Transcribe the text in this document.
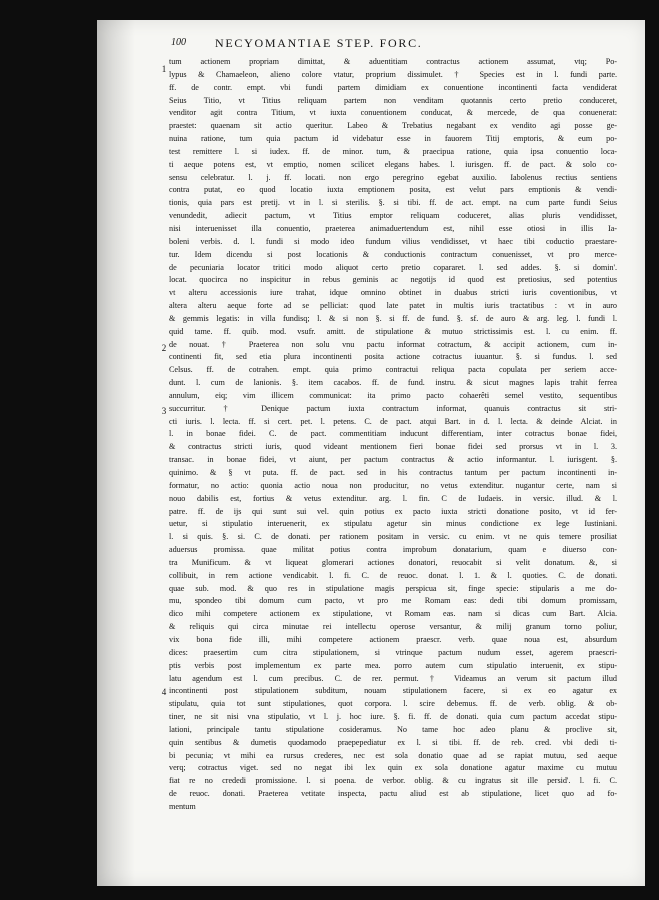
100 NECYOMANTIAE STEP. FORC.
1
2
3
4
tum actionem propriam dimittat, & aduentitiam contractus actionem assumat, vtq; Po-
lypus & Chamaeleon, alieno colore vtatur, proprium dissimulet. † Species est in l. fundi parte.
ff. de contr. empt. vbi fundi partem dimidiam ex conuentione incontinenti facta vendiderat
Seius Titio, vt Titius reliquam partem non venditam quotannis certo pretio conduceret,
venditor agit contra Titium, vt iuxta conuentionem conducat, & mercede, de qua conuenerat:
praestet: quaenam sit actio queritur. Labeo & Trebatius negabant ex vendito agi posse ge-
nuina ratione, tum quia pactum id videbatur esse in fauorem Titij emptoris, & eum po-
test remittere l. si iudex. ff. de minor. tum, & praecipua ratione, quia ipsa conuentio loca-
ti aeque potens est, vt emptio, nomen scilicet elegans habes. l. iurisgen. ff. de pact. & solo co-
sensu celebratur. l. j. ff. locati. non ergo peregrino egebat auxilio. Iabolenus rectius sentiens
contra putat, eo quod locatio iuxta emptionem posita, est velut pars emptionis & vendi-
tionis, quia pars est pretij. vt in l. si sterilis. §. si tibi. ff. de act. empt. na cum parte fundi Seius
venundedit, adiecit pactum, vt Titius emptor reliquam coduceret, alias pluris vendidisset,
nisi interuenisset illa conuentio, praeterea animaduertendum est, nihil esse otiosi in illis Ia-
boleni verbis. d. l. fundi si modo ideo fundum vilius vendidisset, vt haec tibi coductio praestare-
tur. Idem dicendu si post locationis & conductionis contractum conuenisset, vt pro merce-
de pecuniaria locator tritici modo aliquot certo pretio copararet. l. sed addes. §. si domin'.
locat. quocirca no inspicitur in rebus geminis ac negotijs id quod est pretiosius, sed potentius
vt alteru accessionis iure trahat, idque omnino obtinet in duabus stricti iuris coventionibus, vt
altera alteru aeque forte ad se pelliciat: quod late patet in multis iuris tractatibus : vt in auro
& gemmis legatis: in villa fundisq; l. & si non §. si ff. de fund. §. sf. de auro & arg. leg. l. fundi l.
quid tame. ff. quib. mod. vsufr. amitt. de stipulatione & mutuo strictissimis est. l. cu enim. ff.
de nouat. † Praeterea non solu vnu pactu informat cotractum, & accipit actionem, cum in-
continenti fit, sed etia plura incontinenti posita actione cotractus iuuantur. §. si fundus. l. sed
Celsus. ff. de cotrahen. empt. quia primo contractui reliqua pacta copulata per seriem acce-
dunt. l. cum de lanionis. §. item cacabos. ff. de fund. instru. & sicut magnes lapis trahit ferrea
annulum, eiq; vim illicem communicat: ita primo pacto cohaerêti semel vestito, sequentibus
succurritur. † Denique pactum iuxta contractum informat, quanuis contractus sit stri-
cti iuris. l. lecta. ff. si cert. pet. l. petens. C. de pact. atqui Bart. in d. l. lecta. & deinde Alciat. in
l. in bonae fidei. C. de pact. commentitiam inducunt differentiam, inter cotractus bonae fidei,
& contractus stricti iuris, quod videant mentionem fieri bonae fidei sed prorsus vt in l. 3.
transac. in bonae fidei, vt aiunt, per pactum contractus & actio informantur. l. iurisgent. §.
quinimo. & § vt puta. ff. de pact. sed in his contractus tantum per pactum incontinenti in-
formatur, no actio: quonia actio noua non producitur, no vetus extenditur. nugantur certe, nam si
nouo dabilis est, fortius & vetus extenditur. arg. l. fin. C de Iudaeis. in versic. illud. & l.
patre. ff. de ijs qui sunt sui vel. quin potius ex pacto iuxta stricti donatione posito, vt id fer-
uetur, si stipulatio interuenerit, ex stipulatu agetur sin minus condictione ex lege Iustiniani.
l. si quis. §. si. C. de donati. per rationem positam in versic. cu enim. vt ne quis temere prosiliat
aduersus promissa. quae militat potius contra improbum donatarium, quam e diuerso con-
tra Munificum. & vt liqueat glomerari actiones donatori, reuocabit si velit donatum. &, si
collibuit, in rem actione vendicabit. l. fi. C. de reuoc. donat. l. 1. & l. quoties. C. de donati.
quae sub. mod. & quo res in stipulatione magis perspicua sit, finge specie: stipularis a me do-
mu, spondeo tibi domum cum pacto, vt pro me Romam eas: dedi tibi domum promissam,
dico mihi competere actionem ex stipulatione, vt Romam eas. nam si dicas cum Bart. Alcia.
& reliquis qui circa minutae rei intellectu operose versantur, & milij granum torno poliur,
vix bona fide illi, mihi competere actionem praescr. verb. quae noua est, absurdum
dices: praesertim cum citra stipulationem, si vtrinque pactum nudum esset, agerem praescri-
ptis verbis post implementum ex parte mea. porro autem cum stipulatio interuenit, ex stipu-
latu agendum est l. cum precibus. C. de rer. permut. † Videamus an verum sit pactum illud
incontinenti post stipulationem subditum, nouam stipulationem facere, si ex eo agatur ex
stipulatu, quia tot sunt stipulationes, quot corpora. l. scire debemus. ff. de verb. oblig. & ob-
tiner, ne sit nisi vna stipulatio, vt l. j. hoc iure. §. fi. ff. de donati. quia cum pactum accedat stipu-
lationi, principale tantu stipulatione cosideramus. No tame hoc adeo planu & proclive sit,
quin sentibus & dumetis quodamodo praepepediatur ex l. si tibi. ff. de reb. cred. vbi dedi ti-
bi pecunia; vt mihi ea rursus crederes, nec est sola donatio quae ad se rapiat mutuu, sed aeque
verq; cotractus viget. sed no negat ibi lex quin ex sola donatione agatur maxime cu mutuu
fiat re no crededi promissione. l. si poena. de verbor. oblig. & cu ingratus sit ille persid'. l. fi. C.
de reuoc. donati. Praeterea vetitate inspecta, pactu aliud est ab stipulatione, licet quo ad fo-
mentum
